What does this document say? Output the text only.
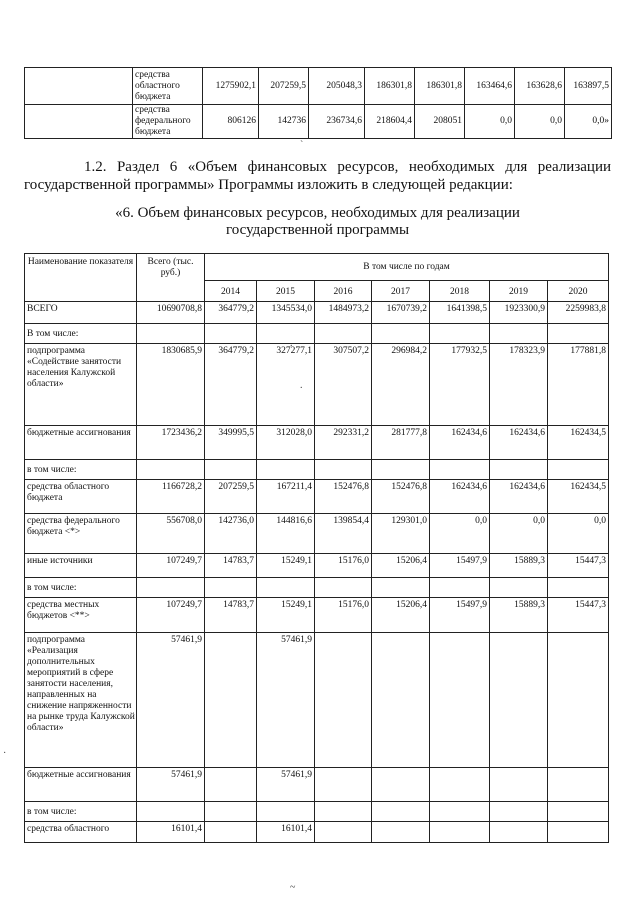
	средства областного бюджета	1275902,1	207259,5	205048,3	186301,8	186301,8	163464,6	163628,6	163897,5
	средства федерального бюджета	806126	142736	236734,6	218604,4	208051	0,0	0,0	0,0»
`
1.2. Раздел 6 «Объем финансовых ресурсов, необходимых для реализации
государственной программы» Программы изложить в следующей редакции:
«6. Объем финансовых ресурсов, необходимых для реализации
государственной программы
Наименование показателя	Всего (тыс. руб.)	В том числе по годам						
		2014	2015	2016	2017	2018	2019	2020
ВСЕГО	10690708,8	364779,2	1345534,0	1484973,2	1670739,2	1641398,5	1923300,9	2259983,8
В том числе:								
подпрограмма «Содействие занятости населения Калужской области»	1830685,9	364779,2	327277,1	307507,2	296984,2	177932,5	178323,9	177881,8
бюджетные ассигнования	1723436,2	349995,5	312028,0	292331,2	281777,8	162434,6	162434,6	162434,5
в том числе:								
средства областного бюджета	1166728,2	207259,5	167211,4	152476,8	152476,8	162434,6	162434,6	162434,5
средства федерального бюджета <*>	556708,0	142736,0	144816,6	139854,4	129301,0	0,0	0,0	0,0
иные источники	107249,7	14783,7	15249,1	15176,0	15206,4	15497,9	15889,3	15447,3
в том числе:								
средства местных бюджетов <**>	107249,7	14783,7	15249,1	15176,0	15206,4	15497,9	15889,3	15447,3
подпрограмма «Реализация дополнительных мероприятий в сфере занятости населения, направленных на снижение напряженности на рынке труда Калужской области»	57461,9		57461,9					
бюджетные ассигнования	57461,9		57461,9					
в том числе:								
средства областного	16101,4		16101,4					
.
.
~
·
